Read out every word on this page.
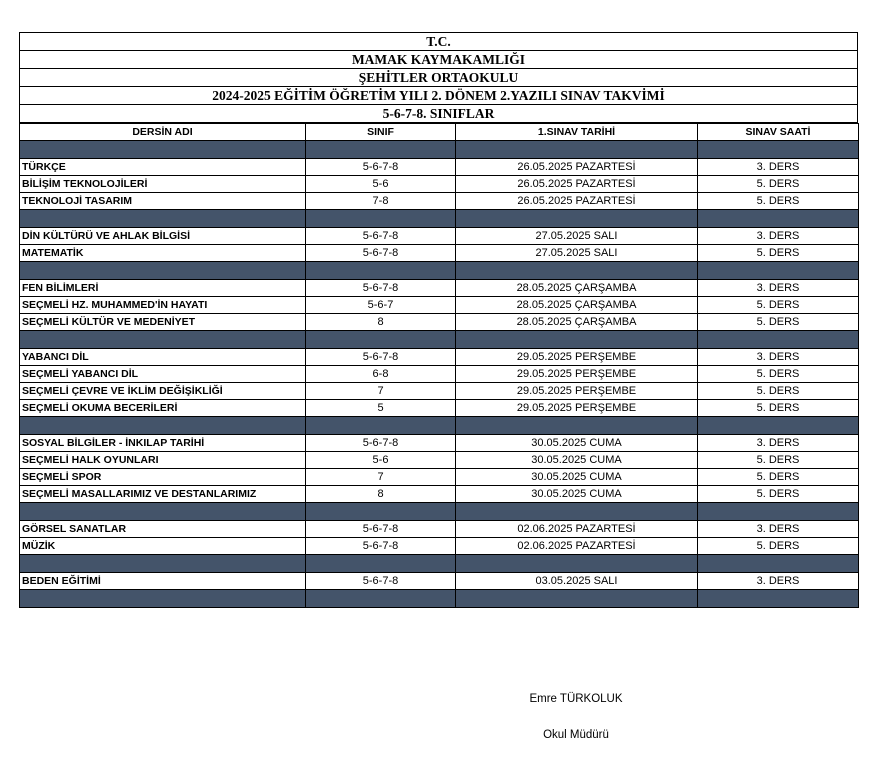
T.C.
MAMAK KAYMAKAMLIĞI
ŞEHİTLER ORTAOKULU
2024-2025 EĞİTİM ÖĞRETİM YILI 2. DÖNEM 2.YAZILI SINAV TAKVİMİ
5-6-7-8. SINIFLAR
DERSİN ADI	SINIF	1.SINAV TARİHİ	SINAV SAATİ

TÜRKÇE	5-6-7-8	26.05.2025 PAZARTESİ	3. DERS
BİLİŞİM TEKNOLOJİLERİ	5-6	26.05.2025 PAZARTESİ	5. DERS
TEKNOLOJİ TASARIM	7-8	26.05.2025 PAZARTESİ	5. DERS

DİN KÜLTÜRÜ VE AHLAK BİLGİSİ	5-6-7-8	27.05.2025 SALI	3. DERS
MATEMATİK	5-6-7-8	27.05.2025 SALI	5. DERS

FEN BİLİMLERİ	5-6-7-8	28.05.2025 ÇARŞAMBA	3. DERS
SEÇMELİ HZ. MUHAMMED'İN HAYATI	5-6-7	28.05.2025 ÇARŞAMBA	5. DERS
SEÇMELİ KÜLTÜR VE MEDENİYET	8	28.05.2025 ÇARŞAMBA	5. DERS

YABANCI DİL	5-6-7-8	29.05.2025 PERŞEMBE	3. DERS
SEÇMELİ YABANCI DİL	6-8	29.05.2025 PERŞEMBE	5. DERS
SEÇMELİ ÇEVRE VE İKLİM DEĞİŞİKLİĞİ	7	29.05.2025 PERŞEMBE	5. DERS
SEÇMELİ OKUMA BECERİLERİ	5	29.05.2025 PERŞEMBE	5. DERS

SOSYAL BİLGİLER - İNKILAP TARİHİ	5-6-7-8	30.05.2025 CUMA	3. DERS
SEÇMELİ HALK OYUNLARI	5-6	30.05.2025 CUMA	5. DERS
SEÇMELİ SPOR	7	30.05.2025 CUMA	5. DERS
SEÇMELİ MASALLARIMIZ VE DESTANLARIMIZ	8	30.05.2025 CUMA	5. DERS

GÖRSEL SANATLAR	5-6-7-8	02.06.2025 PAZARTESİ	3. DERS
MÜZİK	5-6-7-8	02.06.2025 PAZARTESİ	5. DERS

BEDEN EĞİTİMİ	5-6-7-8	03.05.2025 SALI	3. DERS

Emre TÜRKOLUK
Okul Müdürü
